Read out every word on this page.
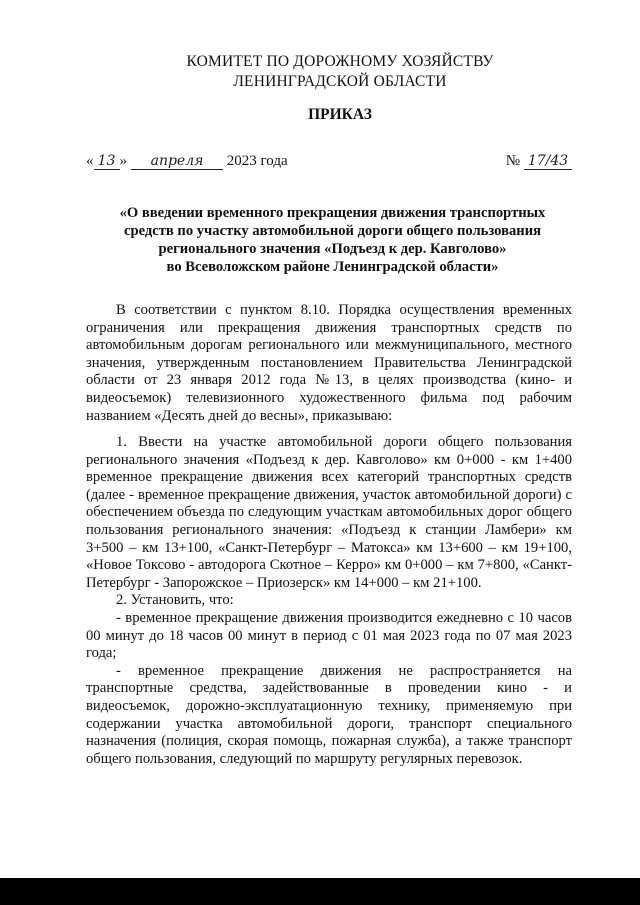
КОМИТЕТ ПО ДОРОЖНОМУ ХОЗЯЙСТВУ
ЛЕНИНГРАДСКОЙ ОБЛАСТИ
ПРИКАЗ
« 13 » апреля 2023 года	№ 17/43
«О введении временного прекращения движения транспортных
средств по участку автомобильной дороги общего пользования
регионального значения «Подъезд к дер. Кавголово»
во Всеволожском районе Ленинградской области»

В соответствии с пунктом 8.10. Порядка осуществления временных ограничения или прекращения движения транспортных средств по автомобильным дорогам регионального или межмуниципального, местного значения, утвержденным постановлением Правительства Ленинградской области от 23 января 2012 года №13, в целях производства (кино- и видеосъемок) телевизионного художественного фильма под рабочим названием «Десять дней до весны», приказываю:

1. Ввести на участке автомобильной дороги общего пользования регионального значения «Подъезд к дер. Кавголово» км 0+000 - км 1+400 временное прекращение движения всех категорий транспортных средств (далее - временное прекращение движения, участок автомобильной дороги) с обеспечением объезда по следующим участкам автомобильных дорог общего пользования регионального значения: «Подъезд к станции Ламбери» км 3+500 – км 13+100, «Санкт-Петербург – Матокса» км 13+600 – км 19+100, «Новое Токсово - автодорога Скотное – Керро» км 0+000 – км 7+800, «Санкт-Петербург - Запорожское – Приозерск» км 14+000 – км 21+100.

2. Установить, что:

- временное прекращение движения производится ежедневно с 10 часов 00 минут до 18 часов 00 минут в период с 01 мая 2023 года по 07 мая 2023 года;

- временное прекращение движения не распространяется на транспортные средства, задействованные в проведении кино - и видеосъемок, дорожно-эксплуатационную технику, применяемую при содержании участка автомобильной дороги, транспорт специального назначения (полиция, скорая помощь, пожарная служба), а также транспорт общего пользования, следующий по маршруту регулярных перевозок.
